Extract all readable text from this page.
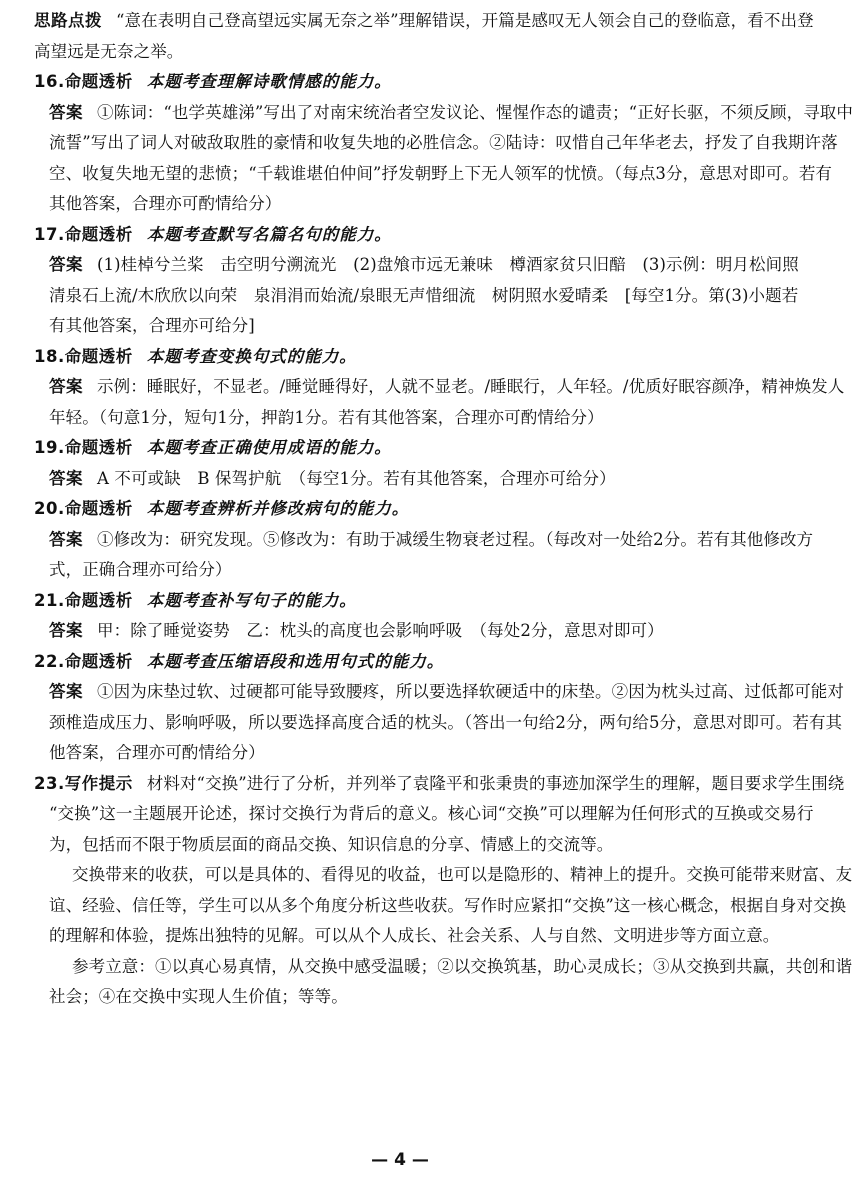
思路点拨 “意在表明自己登高望远实属无奈之举”理解错误，开篇是感叹无人领会自己的登临意，看不出登
高望远是无奈之举。
16.命题透析 本题考查理解诗歌情感的能力。
答案 ①陈词：“也学英雄涕”写出了对南宋统治者空发议论、惺惺作态的谴责；“正好长驱，不须反顾，寻取中
流誓”写出了词人对破敌取胜的豪情和收复失地的必胜信念。②陆诗：叹惜自己年华老去，抒发了自我期许落
空、收复失地无望的悲愤；“千载谁堪伯仲间”抒发朝野上下无人领军的忧愤。（每点3分，意思对即可。若有
其他答案，合理亦可酌情给分）
17.命题透析 本题考查默写名篇名句的能力。
答案 (1)桂棹兮兰桨　击空明兮溯流光　(2)盘飧市远无兼味　樽酒家贫只旧醅　(3)示例：明月松间照
清泉石上流/木欣欣以向荣　泉涓涓而始流/泉眼无声惜细流　树阴照水爱晴柔　[每空1分。第(3)小题若
有其他答案，合理亦可给分]
18.命题透析 本题考查变换句式的能力。
答案 示例：睡眠好，不显老。/睡觉睡得好，人就不显老。/睡眠行，人年轻。/优质好眠容颜净，精神焕发人
年轻。（句意1分，短句1分，押韵1分。若有其他答案，合理亦可酌情给分）
19.命题透析 本题考查正确使用成语的能力。
答案 A 不可或缺　B 保驾护航　（每空1分。若有其他答案，合理亦可给分）
20.命题透析 本题考查辨析并修改病句的能力。
答案 ①修改为：研究发现。⑤修改为：有助于减缓生物衰老过程。（每改对一处给2分。若有其他修改方
式，正确合理亦可给分）
21.命题透析 本题考查补写句子的能力。
答案 甲：除了睡觉姿势　乙：枕头的高度也会影响呼吸　（每处2分，意思对即可）
22.命题透析 本题考查压缩语段和选用句式的能力。
答案 ①因为床垫过软、过硬都可能导致腰疼，所以要选择软硬适中的床垫。②因为枕头过高、过低都可能对
颈椎造成压力、影响呼吸，所以要选择高度合适的枕头。（答出一句给2分，两句给5分，意思对即可。若有其
他答案，合理亦可酌情给分）
23.写作提示 材料对“交换”进行了分析，并列举了袁隆平和张秉贵的事迹加深学生的理解，题目要求学生围绕
“交换”这一主题展开论述，探讨交换行为背后的意义。核心词“交换”可以理解为任何形式的互换或交易行
为，包括而不限于物质层面的商品交换、知识信息的分享、情感上的交流等。
交换带来的收获，可以是具体的、看得见的收益，也可以是隐形的、精神上的提升。交换可能带来财富、友
谊、经验、信任等，学生可以从多个角度分析这些收获。写作时应紧扣“交换”这一核心概念，根据自身对交换
的理解和体验，提炼出独特的见解。可以从个人成长、社会关系、人与自然、文明进步等方面立意。
参考立意：①以真心易真情，从交换中感受温暖；②以交换筑基，助心灵成长；③从交换到共赢，共创和谐
社会；④在交换中实现人生价值；等等。
— 4 —
